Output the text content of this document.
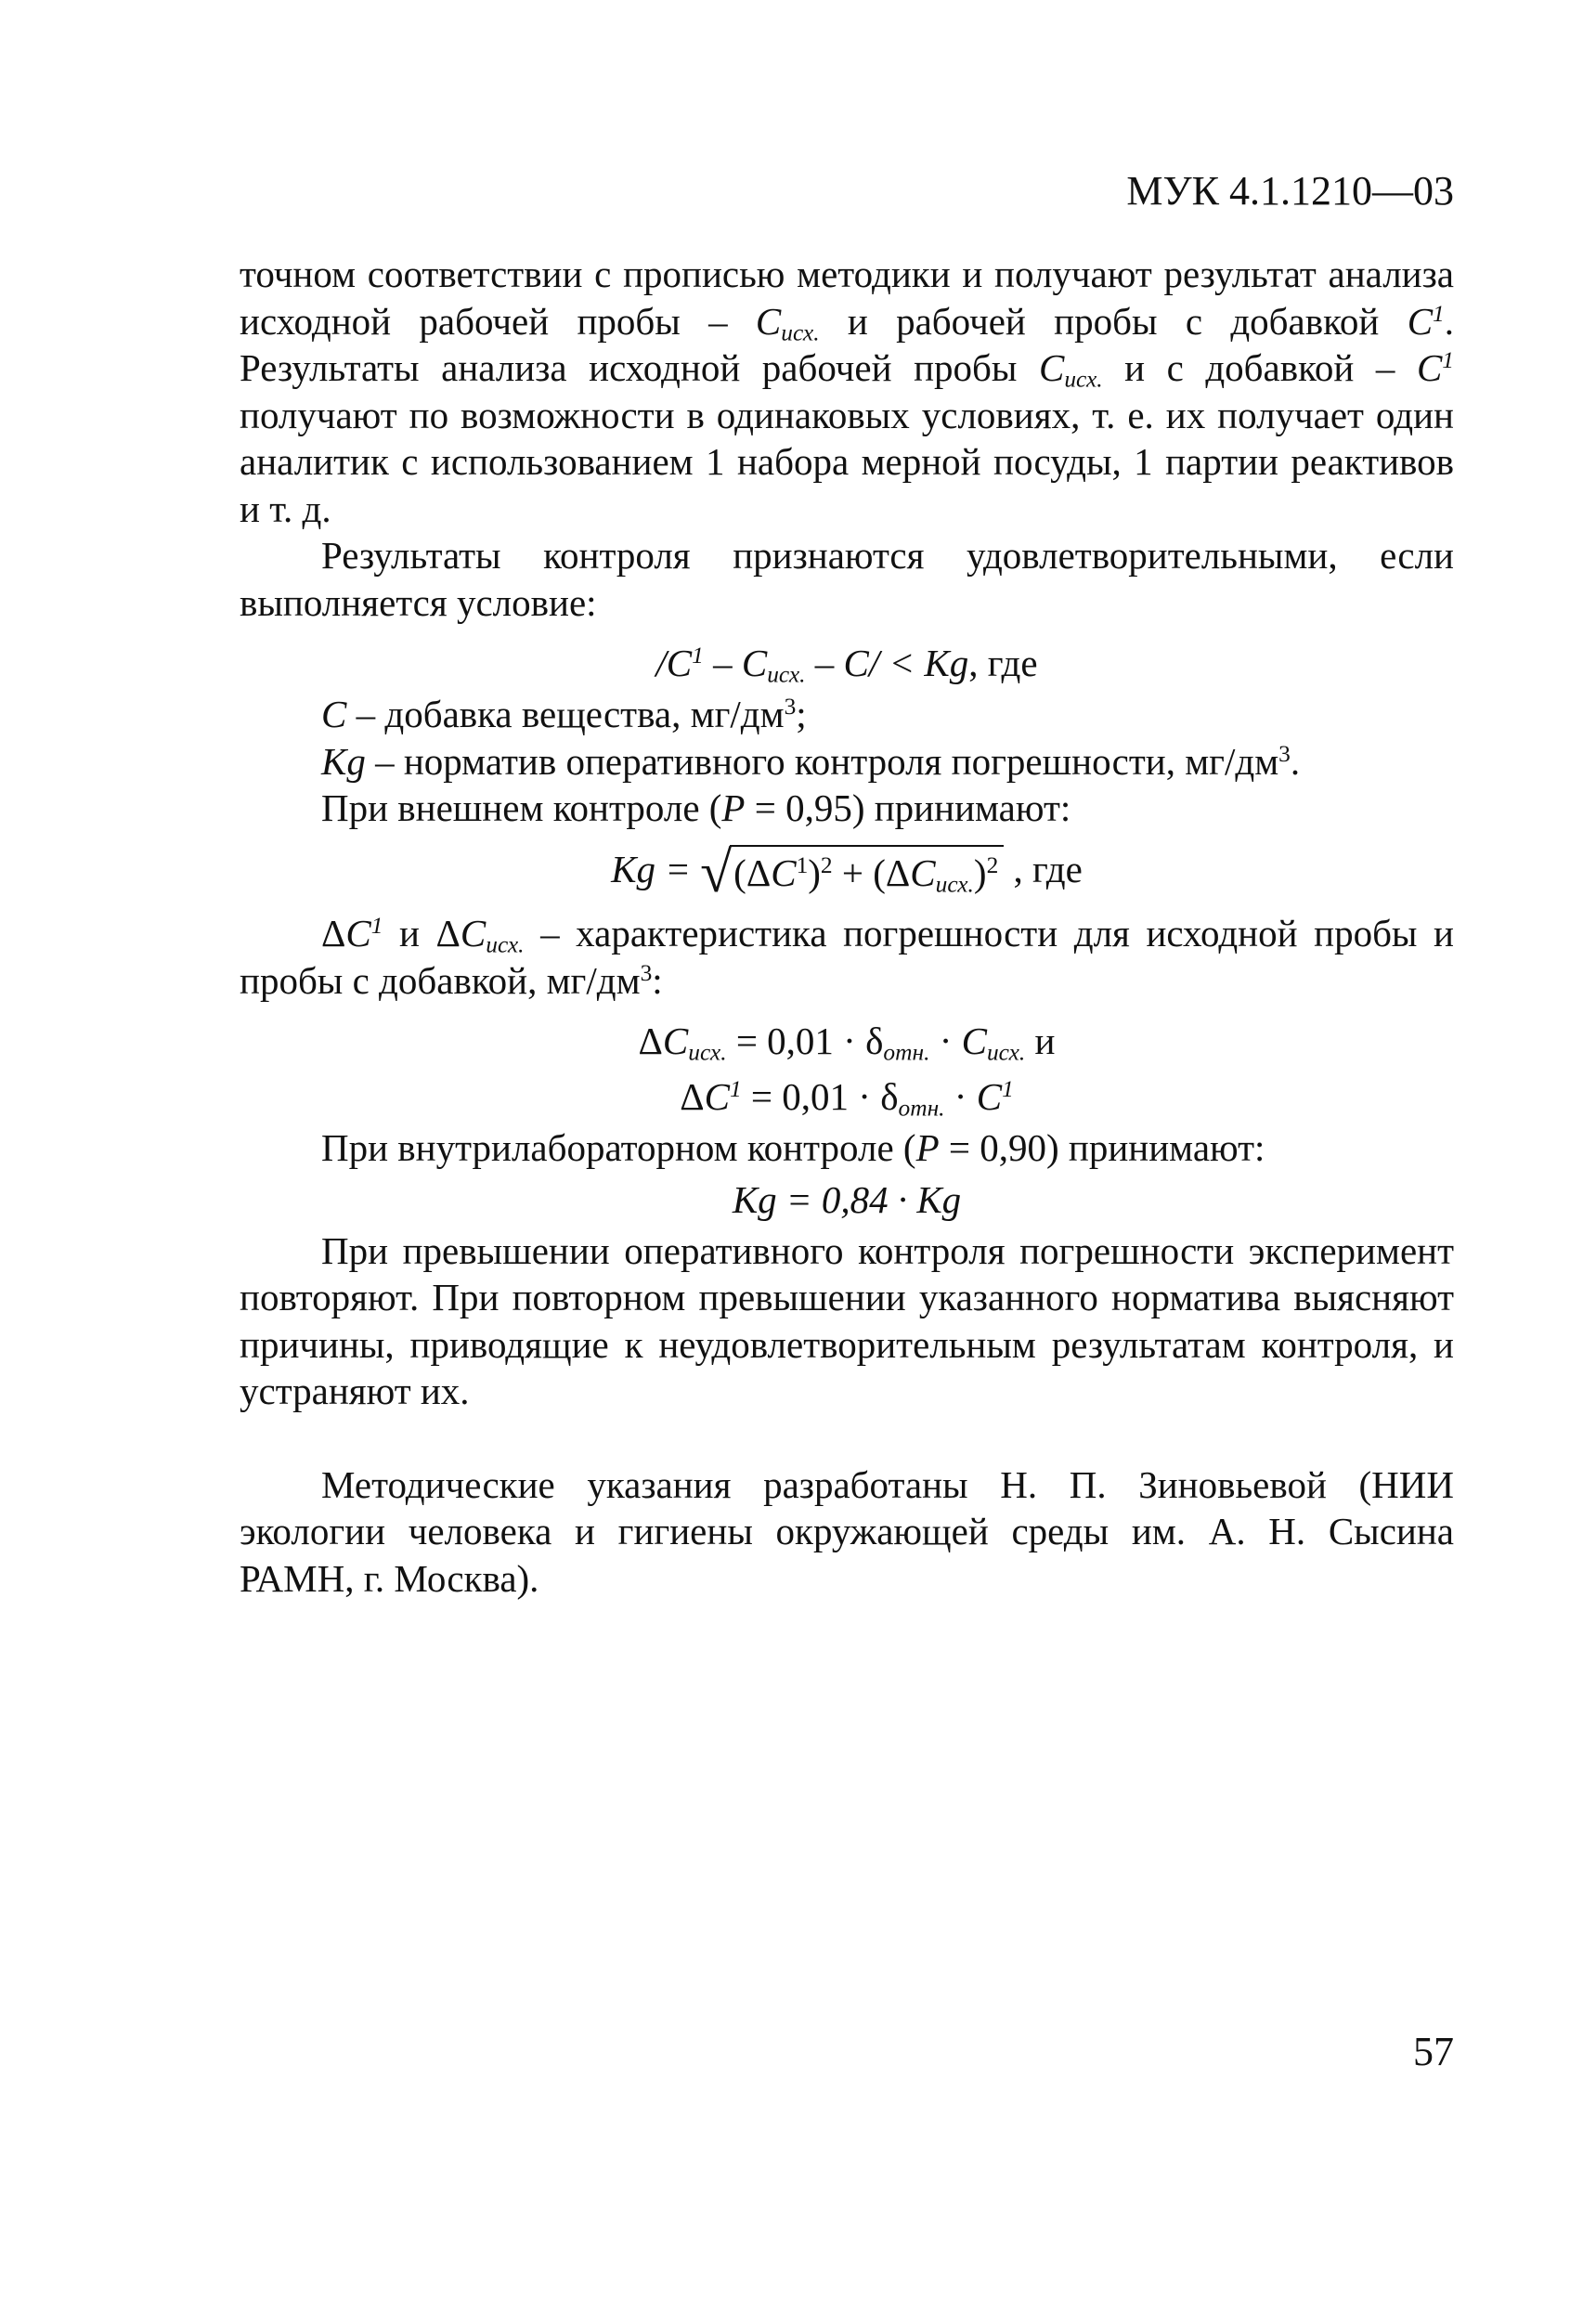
МУК 4.1.1210—03

точном соответствии с прописью методики и получают результат анализа исходной рабочей пробы – $C_{исх.}$ и рабочей пробы с добавкой $C^1$. Результаты анализа исходной рабочей пробы $C_{исх.}$ и с добавкой – $C^1$ получают по возможности в одинаковых условиях, т. е. их получает один аналитик с использованием 1 набора мерной посуды, 1 партии реактивов и т. д.

Результаты контроля признаются удовлетворительными, если выполняется условие:

$/C^1 - C_{исх.} - C/ < Kg$, где

С – добавка вещества, $мг/дм^3$;

Kg – норматив оперативного контроля погрешности, $мг/дм^3$.

При внешнем контроле (P = 0,95) принимают:

Kg = √ $(\Delta C^1)^2 + (\Delta C_{исх.})^2$ , где

$\Delta C^1$ и $\Delta C_{исх.}$ – характеристика погрешности для исходной пробы и пробы с добавкой, $мг/дм^3$:

$\Delta C_{исх.} = 0,01 \cdot \delta_{отн.} \cdot C_{исх.}$ и
$\Delta C^1 = 0,01 \cdot \delta_{отн.} \cdot C^1$

При внутрилабораторном контроле (P = 0,90) принимают:

Kg = 0,84 · Kg

При превышении оперативного контроля погрешности эксперимент повторяют. При повторном превышении указанного норматива выясняют причины, приводящие к неудовлетворительным результатам контроля, и устраняют их.

Методические указания разработаны Н. П. Зиновьевой (НИИ экологии человека и гигиены окружающей среды им. А. Н. Сысина РАМН, г. Москва).

57
